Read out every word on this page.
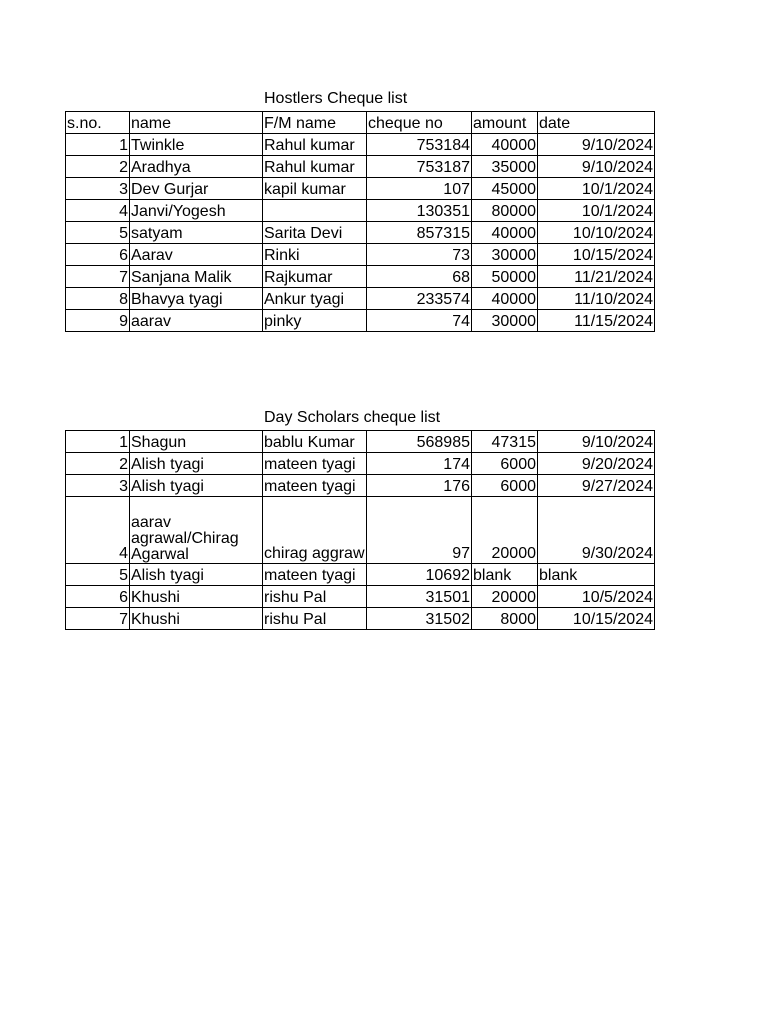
Hostlers Cheque list
s.no.	name	F/M name	cheque no	amount	date
1	Twinkle	Rahul kumar	753184	40000	9/10/2024
2	Aradhya	Rahul kumar	753187	35000	9/10/2024
3	Dev Gurjar	kapil kumar	107	45000	10/1/2024
4	Janvi/Yogesh		130351	80000	10/1/2024
5	satyam	Sarita Devi	857315	40000	10/10/2024
6	Aarav	Rinki	73	30000	10/15/2024
7	Sanjana Malik	Rajkumar	68	50000	11/21/2024
8	Bhavya tyagi	Ankur tyagi	233574	40000	11/10/2024
9	aarav	pinky	74	30000	11/15/2024
Day Scholars cheque list
1	Shagun	bablu Kumar	568985	47315	9/10/2024
2	Alish tyagi	mateen tyagi	174	6000	9/20/2024
3	Alish tyagi	mateen tyagi	176	6000	9/27/2024
4	aarav agrawal/Chirag Agarwal	chirag aggraw	97	20000	9/30/2024
5	Alish tyagi	mateen tyagi	10692	blank	blank
6	Khushi	rishu Pal	31501	20000	10/5/2024
7	Khushi	rishu Pal	31502	8000	10/15/2024
